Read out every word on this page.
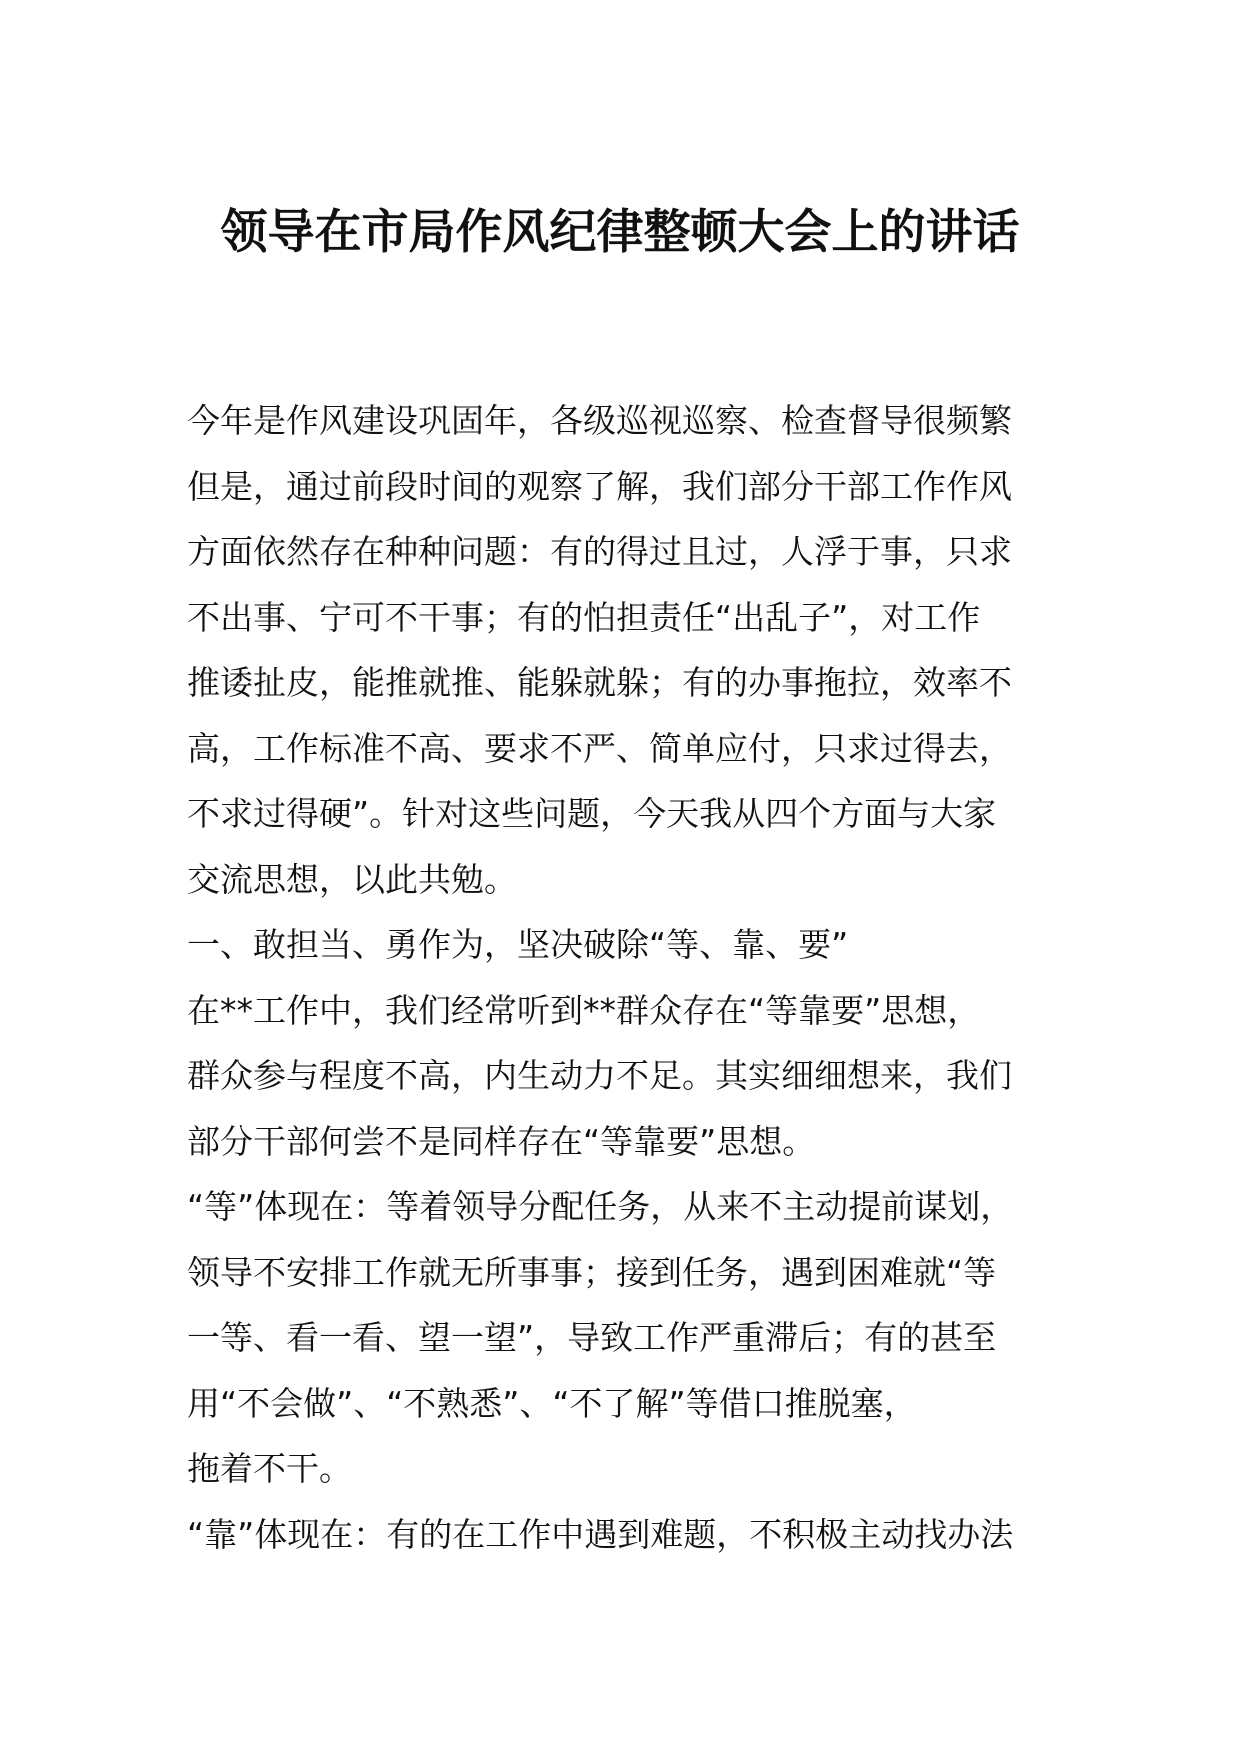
领导在市局作风纪律整顿大会上的讲话
今年是作风建设巩固年，各级巡视巡察、检查督导很频繁
但是，通过前段时间的观察了解，我们部分干部工作作风
方面依然存在种种问题：有的得过且过，人浮于事，只求
不出事、宁可不干事；有的怕担责任“出乱子”，对工作
推诿扯皮，能推就推、能躲就躲；有的办事拖拉，效率不
高，工作标准不高、要求不严、简单应付，只求过得去，
不求过得硬”。针对这些问题，今天我从四个方面与大家
交流思想，以此共勉。
一、敢担当、勇作为，坚决破除“等、靠、要”
在**工作中，我们经常听到**群众存在“等靠要”思想，
群众参与程度不高，内生动力不足。其实细细想来，我们
部分干部何尝不是同样存在“等靠要”思想。
“等”体现在：等着领导分配任务，从来不主动提前谋划，
领导不安排工作就无所事事；接到任务，遇到困难就“等
一等、看一看、望一望”，导致工作严重滞后；有的甚至
用“不会做”、“不熟悉”、“不了解”等借口推脱塞，
拖着不干。
“靠”体现在：有的在工作中遇到难题，不积极主动找办法
